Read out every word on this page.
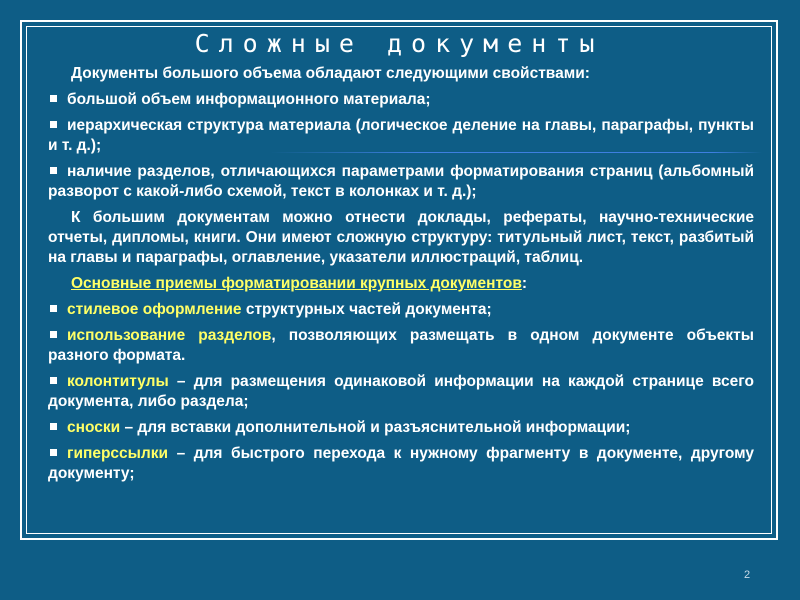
Сложные документы

Документы большого объема обладают следующими свойствами:

большой объем информационного материала;

иерархическая структура материала (логическое деление на главы, параграфы, пункты и т. д.);

наличие разделов, отличающихся параметрами форматирования страниц (альбомный разворот с какой-либо схемой, текст в колонках и т. д.);

К большим документам можно отнести доклады, рефераты, научно-технические отчеты, дипломы, книги. Они имеют сложную структуру: титульный лист, текст, разбитый на главы и параграфы, оглавление, указатели иллюстраций, таблиц.

Основные приемы форматировании крупных документов:

стилевое оформление структурных частей документа;

использование разделов, позволяющих размещать в одном документе объекты разного формата.

колонтитулы – для размещения одинаковой информации на каждой странице всего документа, либо раздела;

сноски – для вставки дополнительной и разъяснительной информации;

гиперссылки – для быстрого перехода к нужному фрагменту в документе, другому документу;

2
